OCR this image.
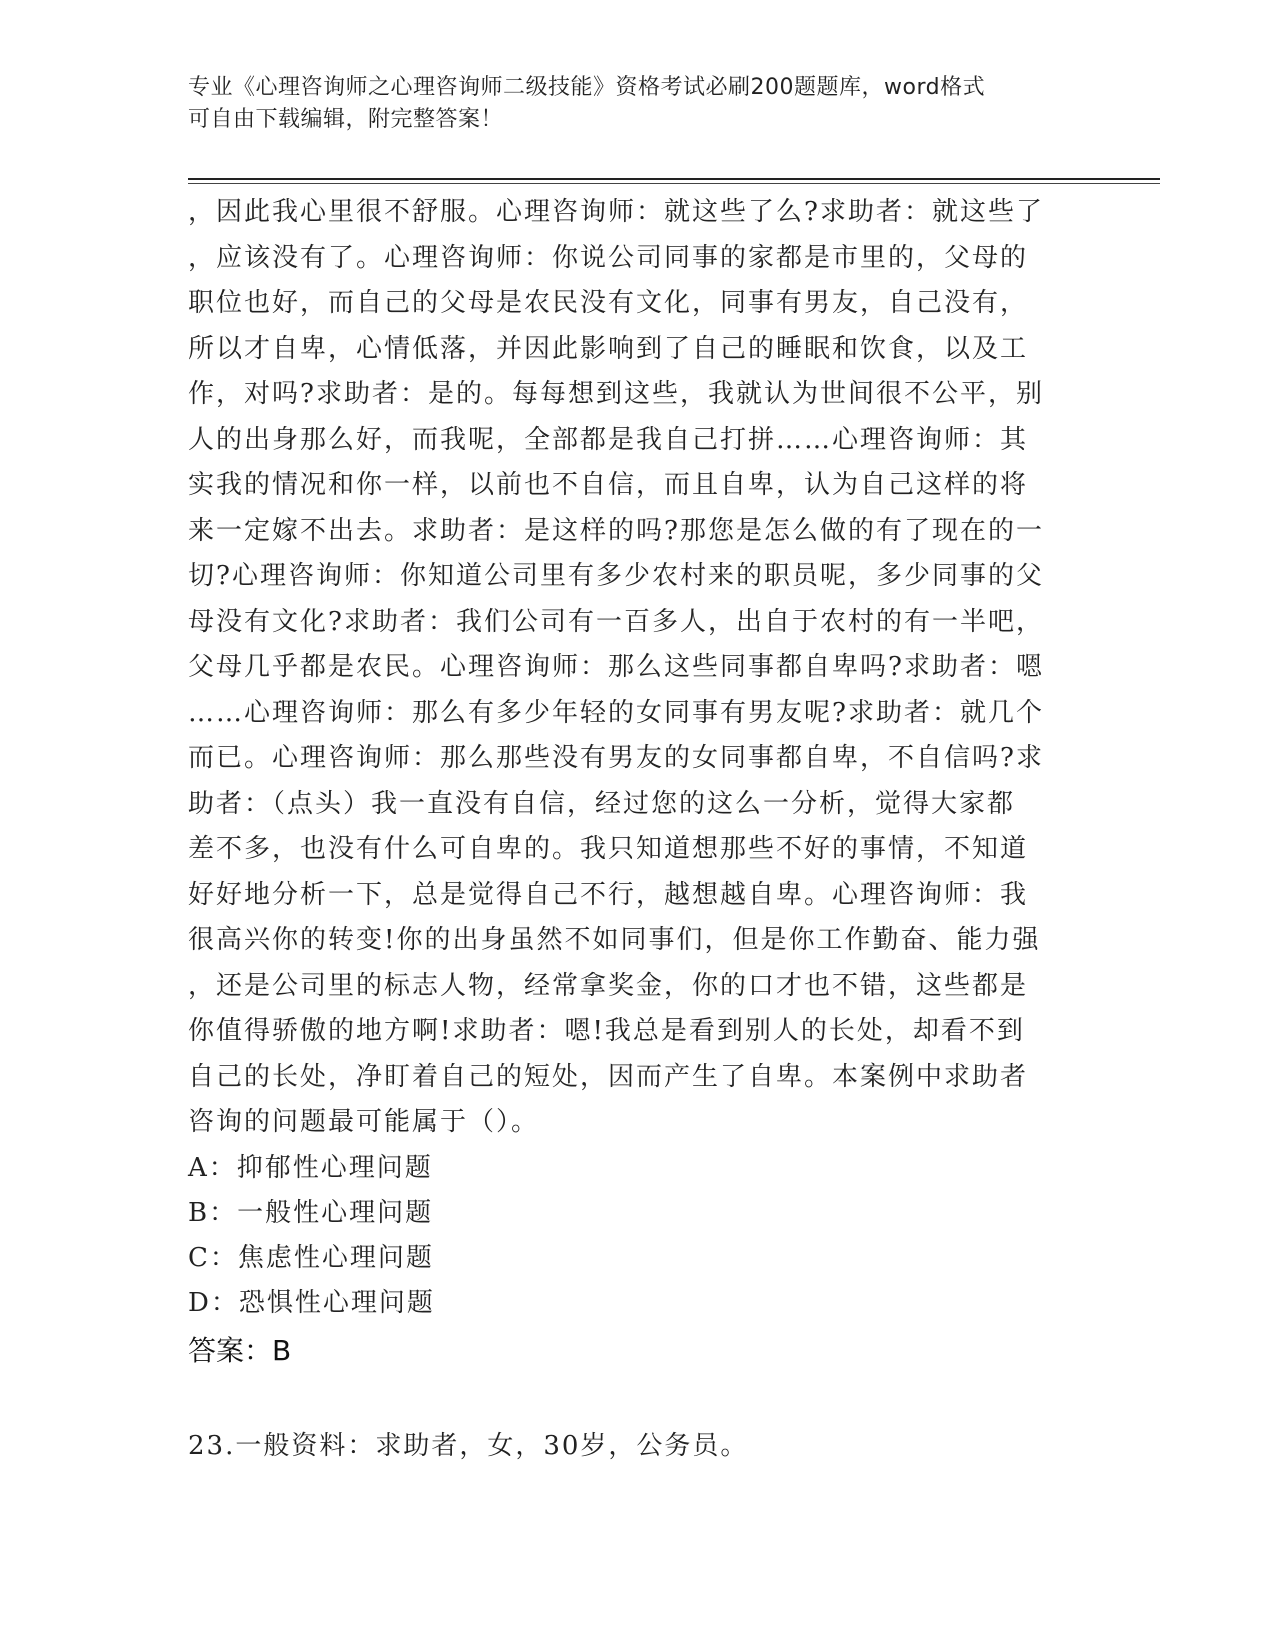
专业《心理咨询师之心理咨询师二级技能》资格考试必刷200题题库，word格式
可自由下载编辑，附完整答案！
，因此我心里很不舒服。心理咨询师：就这些了么?求助者：就这些了
，应该没有了。心理咨询师：你说公司同事的家都是市里的，父母的
职位也好，而自己的父母是农民没有文化，同事有男友，自己没有，
所以才自卑，心情低落，并因此影响到了自己的睡眠和饮食，以及工
作，对吗?求助者：是的。每每想到这些，我就认为世间很不公平，别
人的出身那么好，而我呢，全部都是我自己打拼……心理咨询师：其
实我的情况和你一样，以前也不自信，而且自卑，认为自己这样的将
来一定嫁不出去。求助者：是这样的吗?那您是怎么做的有了现在的一
切?心理咨询师：你知道公司里有多少农村来的职员呢，多少同事的父
母没有文化?求助者：我们公司有一百多人，出自于农村的有一半吧，
父母几乎都是农民。心理咨询师：那么这些同事都自卑吗?求助者：嗯
……心理咨询师：那么有多少年轻的女同事有男友呢?求助者：就几个
而已。心理咨询师：那么那些没有男友的女同事都自卑，不自信吗?求
助者：（点头）我一直没有自信，经过您的这么一分析，觉得大家都
差不多，也没有什么可自卑的。我只知道想那些不好的事情，不知道
好好地分析一下，总是觉得自己不行，越想越自卑。心理咨询师：我
很高兴你的转变!你的出身虽然不如同事们，但是你工作勤奋、能力强
，还是公司里的标志人物，经常拿奖金，你的口才也不错，这些都是
你值得骄傲的地方啊!求助者：嗯!我总是看到别人的长处，却看不到
自己的长处，净盯着自己的短处，因而产生了自卑。本案例中求助者
咨询的问题最可能属于（）。
A：抑郁性心理问题
B：一般性心理问题
C：焦虑性心理问题
D：恐惧性心理问题
答案：B
23.一般资料：求助者，女，30岁，公务员。
